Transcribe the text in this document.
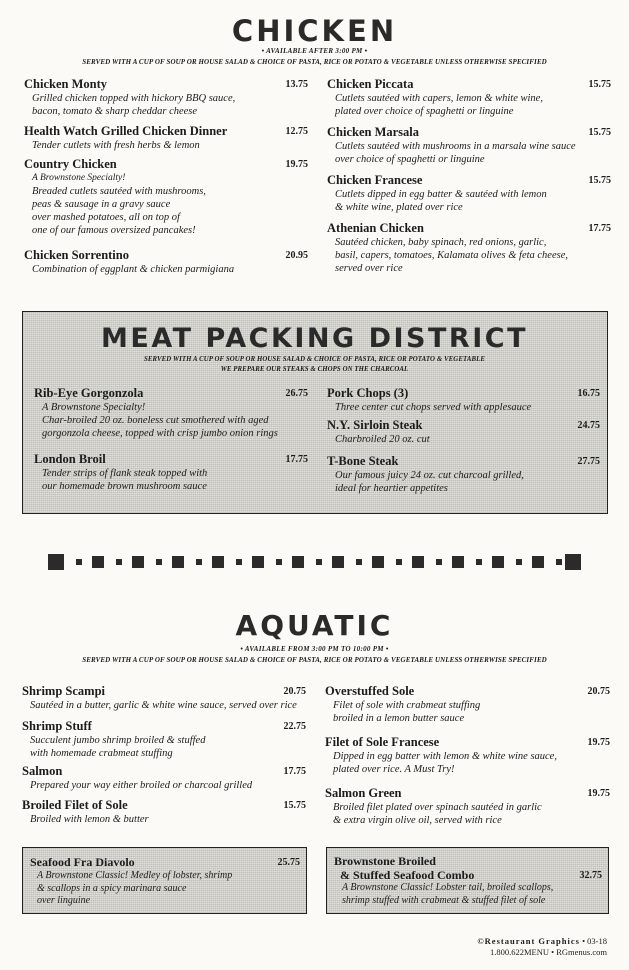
CHICKEN
• AVAILABLE AFTER 3:00 PM •
SERVED WITH A CUP OF SOUP OR HOUSE SALAD & CHOICE OF PASTA, RICE OR POTATO & VEGETABLE UNLESS OTHERWISE SPECIFIED
Chicken Monty	13.75
Grilled chicken topped with hickory BBQ sauce,
bacon, tomato & sharp cheddar cheese
Health Watch Grilled Chicken Dinner	12.75
Tender cutlets with fresh herbs & lemon
Country Chicken	19.75
A Brownstone Specialty!
Breaded cutlets sautéed with mushrooms,
peas & sausage in a gravy sauce
over mashed potatoes, all on top of
one of our famous oversized pancakes!
Chicken Sorrentino	20.95
Combination of eggplant & chicken parmigiana
Chicken Piccata	15.75
Cutlets sautéed with capers, lemon & white wine,
plated over choice of spaghetti or linguine
Chicken Marsala	15.75
Cutlets sautéed with mushrooms in a marsala wine sauce
over choice of spaghetti or linguine
Chicken Francese	15.75
Cutlets dipped in egg batter & sautéed with lemon
& white wine, plated over rice
Athenian Chicken	17.75
Sautéed chicken, baby spinach, red onions, garlic,
basil, capers, tomatoes, Kalamata olives & feta cheese,
served over rice
MEAT PACKING DISTRICT
SERVED WITH A CUP OF SOUP OR HOUSE SALAD & CHOICE OF PASTA, RICE OR POTATO & VEGETABLE
WE PREPARE OUR STEAKS & CHOPS ON THE CHARCOAL
Rib-Eye Gorgonzola	26.75
A Brownstone Specialty!
Char-broiled 20 oz. boneless cut smothered with aged
gorgonzola cheese, topped with crisp jumbo onion rings
London Broil	17.75
Tender strips of flank steak topped with
our homemade brown mushroom sauce
Pork Chops (3)	16.75
Three center cut chops served with applesauce
N.Y. Sirloin Steak	24.75
Charbroiled 20 oz. cut
T-Bone Steak	27.75
Our famous juicy 24 oz. cut charcoal grilled,
ideal for heartier appetites
AQUATIC
• AVAILABLE FROM 3:00 PM TO 10:00 PM •
SERVED WITH A CUP OF SOUP OR HOUSE SALAD & CHOICE OF PASTA, RICE OR POTATO & VEGETABLE UNLESS OTHERWISE SPECIFIED
Shrimp Scampi	20.75
Sautéed in a butter, garlic & white wine sauce, served over rice
Shrimp Stuff	22.75
Succulent jumbo shrimp broiled & stuffed
with homemade crabmeat stuffing
Salmon	17.75
Prepared your way either broiled or charcoal grilled
Broiled Filet of Sole	15.75
Broiled with lemon & butter
Overstuffed Sole	20.75
Filet of sole with crabmeat stuffing
broiled in a lemon butter sauce
Filet of Sole Francese	19.75
Dipped in egg batter with lemon & white wine sauce,
plated over rice. A Must Try!
Salmon Green	19.75
Broiled filet plated over spinach sautéed in garlic
& extra virgin olive oil, served with rice
Seafood Fra Diavolo	25.75
A Brownstone Classic! Medley of lobster, shrimp
& scallops in a spicy marinara sauce
over linguine
Brownstone Broiled
& Stuffed Seafood Combo	32.75
A Brownstone Classic! Lobster tail, broiled scallops,
shrimp stuffed with crabmeat & stuffed filet of sole
©Restaurant Graphics • 03-18
1.800.622MENU • RGmenus.com
